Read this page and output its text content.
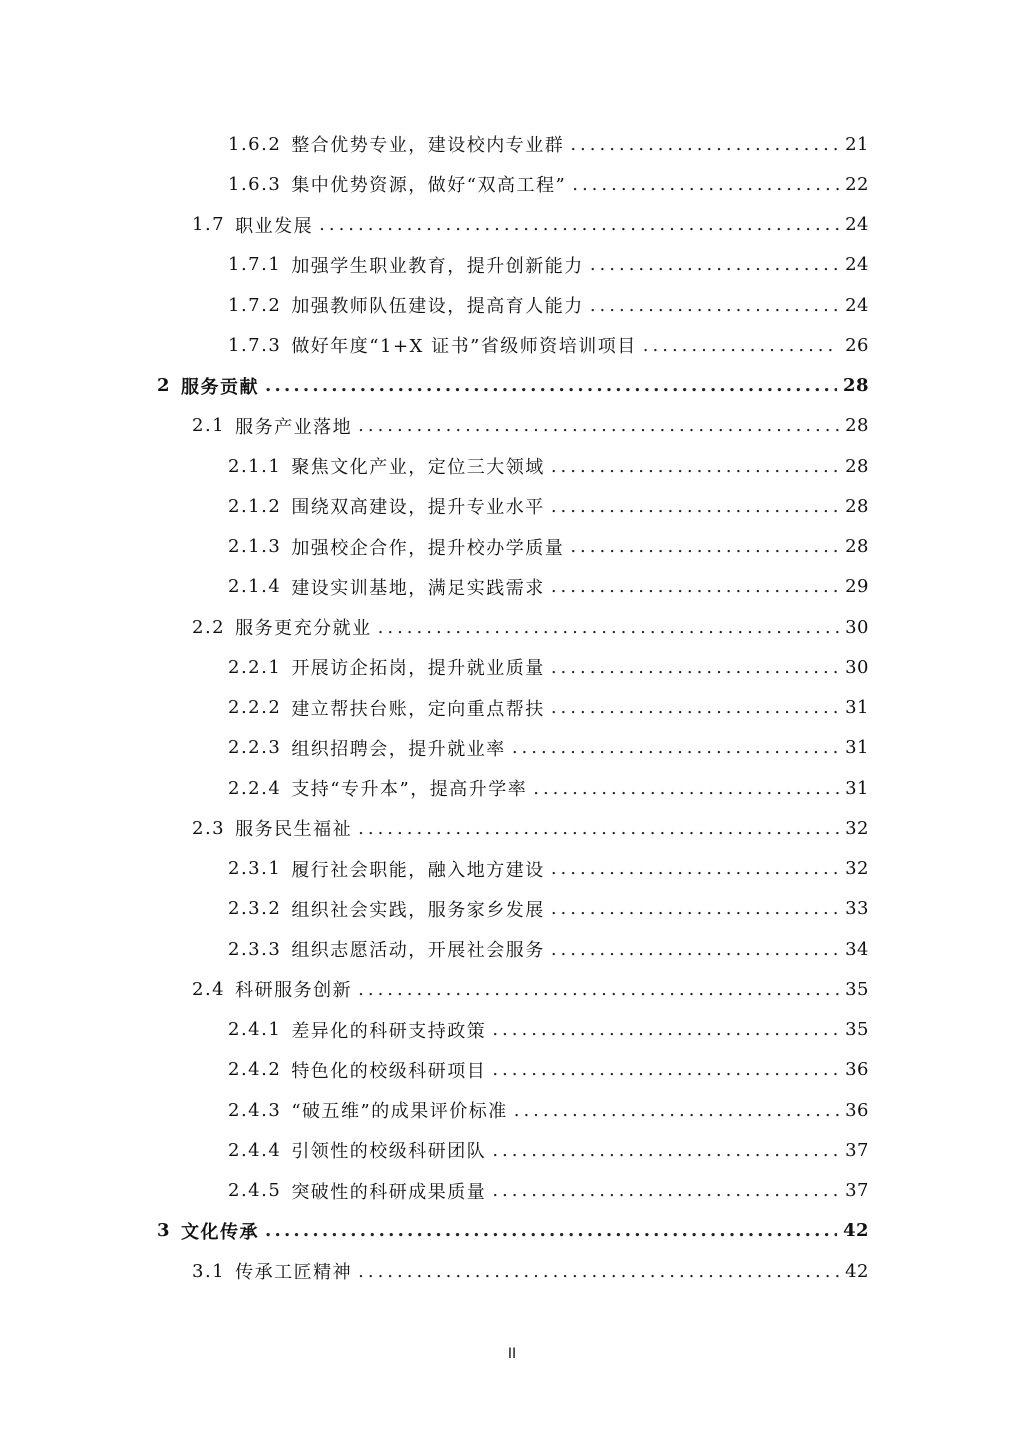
1.6.2 整合优势专业，建设校内专业群 .....	21
1.6.3 集中优势资源，做好“双高工程” .....	22
1.7 职业发展 .....	24
1.7.1 加强学生职业教育，提升创新能力 .....	24
1.7.2 加强教师队伍建设，提高育人能力 .....	24
1.7.3 做好年度“1+X 证书”省级师资培训项目 .....	26
2 服务贡献 .....	28
2.1 服务产业落地 .....	28
2.1.1 聚焦文化产业，定位三大领域 .....	28
2.1.2 围绕双高建设，提升专业水平 .....	28
2.1.3 加强校企合作，提升校办学质量 .....	28
2.1.4 建设实训基地，满足实践需求 .....	29
2.2 服务更充分就业 .....	30
2.2.1 开展访企拓岗，提升就业质量 .....	30
2.2.2 建立帮扶台账，定向重点帮扶 .....	31
2.2.3 组织招聘会，提升就业率 .....	31
2.2.4 支持“专升本”，提高升学率 .....	31
2.3 服务民生福祉 .....	32
2.3.1 履行社会职能，融入地方建设 .....	32
2.3.2 组织社会实践，服务家乡发展 .....	33
2.3.3 组织志愿活动，开展社会服务 .....	34
2.4 科研服务创新 .....	35
2.4.1 差异化的科研支持政策 .....	35
2.4.2 特色化的校级科研项目 .....	36
2.4.3 “破五维”的成果评价标准 .....	36
2.4.4 引领性的校级科研团队 .....	37
2.4.5 突破性的科研成果质量 .....	37
3 文化传承 .....	42
3.1 传承工匠精神 .....	42
II
